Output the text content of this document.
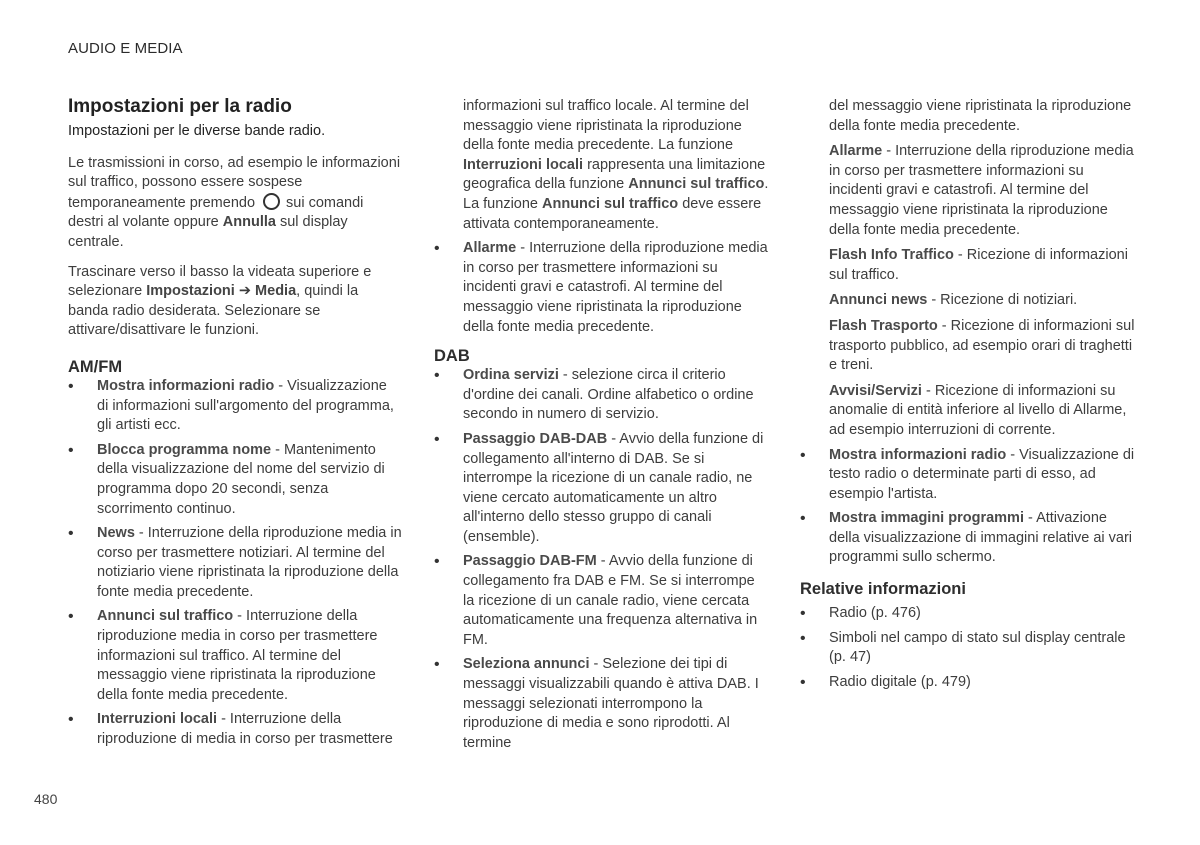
AUDIO E MEDIA
Impostazioni per la radio
Impostazioni per le diverse bande radio.

Le trasmissioni in corso, ad esempio le informazioni sul traffico, possono essere sospese temporaneamente premendo sui comandi destri al volante oppure Annulla sul display centrale.

Trascinare verso il basso la videata superiore e selezionare Impostazioni ➔ Media, quindi la banda radio desiderata. Selezionare se attivare/disattivare le funzioni.

AM/FM
• Mostra informazioni radio - Visualizzazione di informazioni sull'argomento del programma, gli artisti ecc.
• Blocca programma nome - Mantenimento della visualizzazione del nome del servizio di programma dopo 20 secondi, senza scorrimento continuo.
• News - Interruzione della riproduzione media in corso per trasmettere notiziari. Al termine del notiziario viene ripristinata la riproduzione della fonte media precedente.
• Annunci sul traffico - Interruzione della riproduzione media in corso per trasmettere informazioni sul traffico. Al termine del messaggio viene ripristinata la riproduzione della fonte media precedente.
• Interruzioni locali - Interruzione della riproduzione di media in corso per trasmettere

informazioni sul traffico locale. Al termine del messaggio viene ripristinata la riproduzione della fonte media precedente. La funzione Interruzioni locali rappresenta una limitazione geografica della funzione Annunci sul traffico. La funzione Annunci sul traffico deve essere attivata contemporaneamente.

• Allarme - Interruzione della riproduzione media in corso per trasmettere informazioni su incidenti gravi e catastrofi. Al termine del messaggio viene ripristinata la riproduzione della fonte media precedente.
DAB
• Ordina servizi - selezione circa il criterio d'ordine dei canali. Ordine alfabetico o ordine secondo in numero di servizio.
• Passaggio DAB-DAB - Avvio della funzione di collegamento all'interno di DAB. Se si interrompe la ricezione di un canale radio, ne viene cercato automaticamente un altro all'interno dello stesso gruppo di canali (ensemble).
• Passaggio DAB-FM - Avvio della funzione di collegamento fra DAB e FM. Se si interrompe la ricezione di un canale radio, viene cercata automaticamente una frequenza alternativa in FM.
• Seleziona annunci - Selezione dei tipi di messaggi visualizzabili quando è attiva DAB. I messaggi selezionati interrompono la riproduzione di media e sono riprodotti. Al termine

del messaggio viene ripristinata la riproduzione della fonte media precedente.

Allarme - Interruzione della riproduzione media in corso per trasmettere informazioni su incidenti gravi e catastrofi. Al termine del messaggio viene ripristinata la riproduzione della fonte media precedente.

Flash Info Traffico - Ricezione di informazioni sul traffico.

Annunci news - Ricezione di notiziari.

Flash Trasporto - Ricezione di informazioni sul trasporto pubblico, ad esempio orari di traghetti e treni.

Avvisi/Servizi - Ricezione di informazioni su anomalie di entità inferiore al livello di Allarme, ad esempio interruzioni di corrente.

• Mostra informazioni radio - Visualizzazione di testo radio o determinate parti di esso, ad esempio l'artista.
• Mostra immagini programmi - Attivazione della visualizzazione di immagini relative ai vari programmi sullo schermo.
Relative informazioni
• Radio (p. 476)
• Simboli nel campo di stato sul display centrale (p. 47)
• Radio digitale (p. 479)
480
